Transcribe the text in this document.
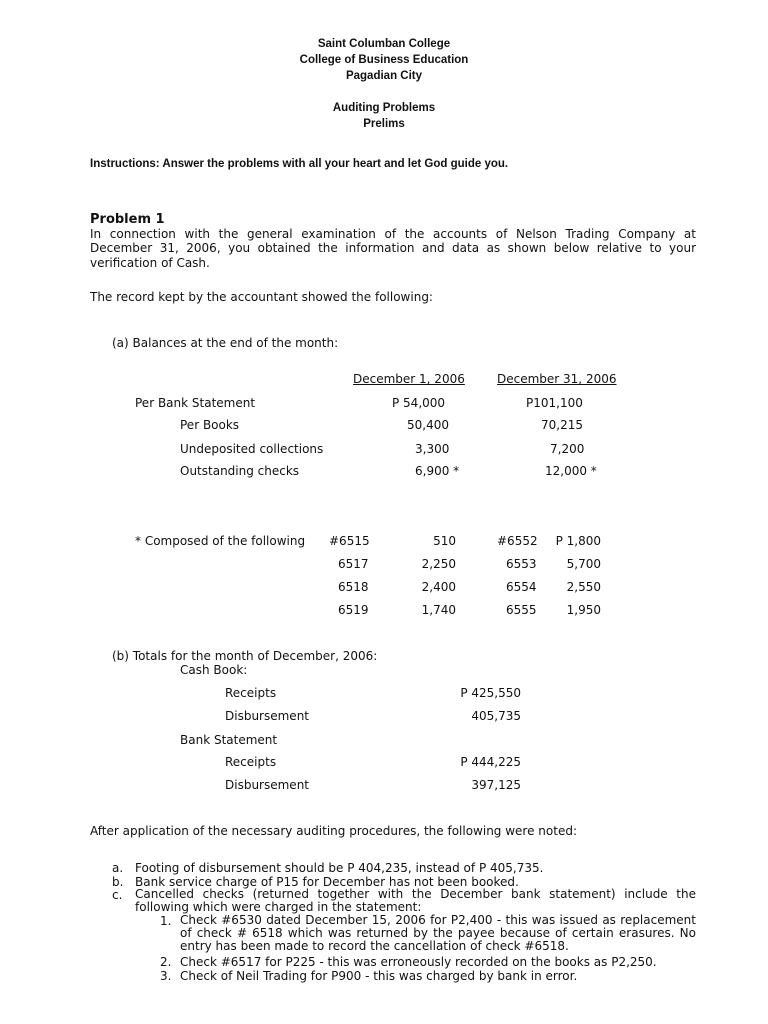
Saint Columban College
College of Business Education
Pagadian City
Auditing Problems
Prelims
Instructions: Answer the problems with all your heart and let God guide you.
Problem 1
In connection with the general examination of the accounts of Nelson Trading Company at December 31, 2006, you obtained the information and data as shown below relative to your verification of Cash.
The record kept by the accountant showed the following:
(a) Balances at the end of the month:
December 1, 2006	December 31, 2006
Per Bank Statement	P 54,000	P101,100
Per Books	50,400	70,215
Undeposited collections	3,300	7,200
Outstanding checks	6,900 *	12,000 *
* Composed of the following #6515	510	#6552	P 1,800
6517	2,250	6553	5,700
6518	2,400	6554	2,550
6519	1,740	6555	1,950
(b) Totals for the month of December, 2006:
Cash Book:
Receipts	P 425,550
Disbursement	405,735
Bank Statement
Receipts	P 444,225
Disbursement	397,125
After application of the necessary auditing procedures, the following were noted:
a. Footing of disbursement should be P 404,235, instead of P 405,735.
b. Bank service charge of P15 for December has not been booked.
c. Cancelled checks (returned together with the December bank statement) include the following which were charged in the statement:
1. Check #6530 dated December 15, 2006 for P2,400 - this was issued as replacement of check # 6518 which was returned by the payee because of certain erasures. No entry has been made to record the cancellation of check #6518.
2. Check #6517 for P225 - this was erroneously recorded on the books as P2,250.
3. Check of Neil Trading for P900 - this was charged by bank in error.
